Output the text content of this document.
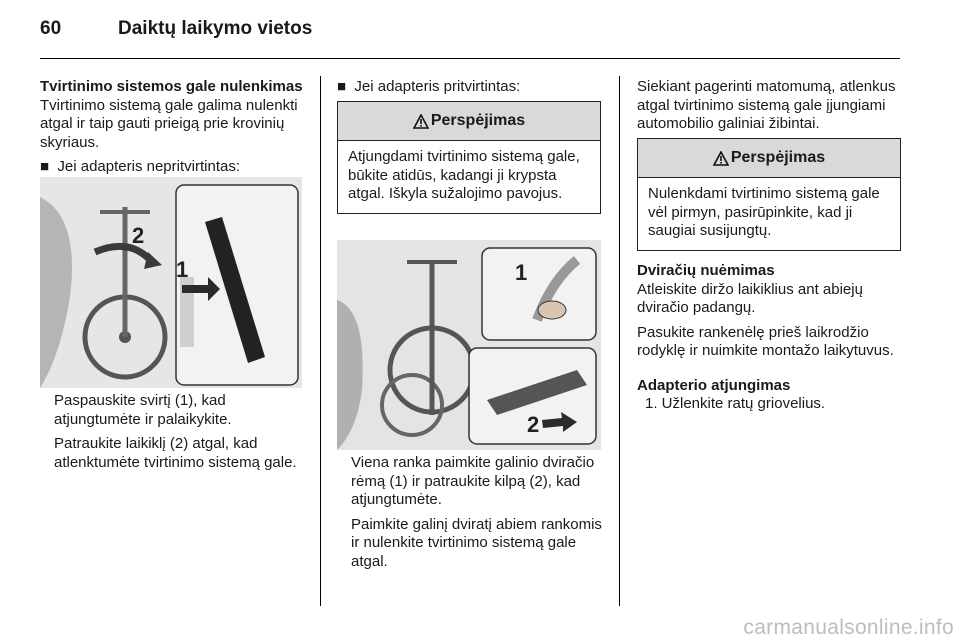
60	Daiktų laikymo vietos

Tvirtinimo sistemos gale nulenkimas

Tvirtinimo sistemą gale galima nulenkti atgal ir taip gauti prieigą prie krovinių skyriaus.

■  Jei adapteris nepritvirtintas:

2
1

Paspauskite svirtį (1), kad atjungtumėte ir palaikykite.

Patraukite laikiklį (2) atgal, kad atlenktumėte tvirtinimo sistemą gale.

■  Jei adapteris pritvirtintas:

Perspėjimas
Atjungdami tvirtinimo sistemą gale, būkite atidūs, kadangi ji krypsta atgal. Iškyla sužalojimo pavojus.
1
2

Viena ranka paimkite galinio dviračio rėmą (1) ir patraukite kilpą (2), kad atjungtumėte.

Paimkite galinį dviratį abiem rankomis ir nulenkite tvirtinimo sistemą gale atgal.

Siekiant pagerinti matomumą, atlenkus atgal tvirtinimo sistemą gale įjungiami automobilio galiniai žibintai.

Perspėjimas
Nulenkdami tvirtinimo sistemą gale vėl pirmyn, pasirūpinkite, kad ji saugiai susijungtų.

Dviračių nuėmimas

Atleiskite diržo laikiklius ant abiejų dviračio padangų.

Pasukite rankenėlę prieš laikrodžio rodyklę ir nuimkite montažo laikytuvus.

Adapterio atjungimas

1. Užlenkite ratų griovelius.

carmanualsonline.info
